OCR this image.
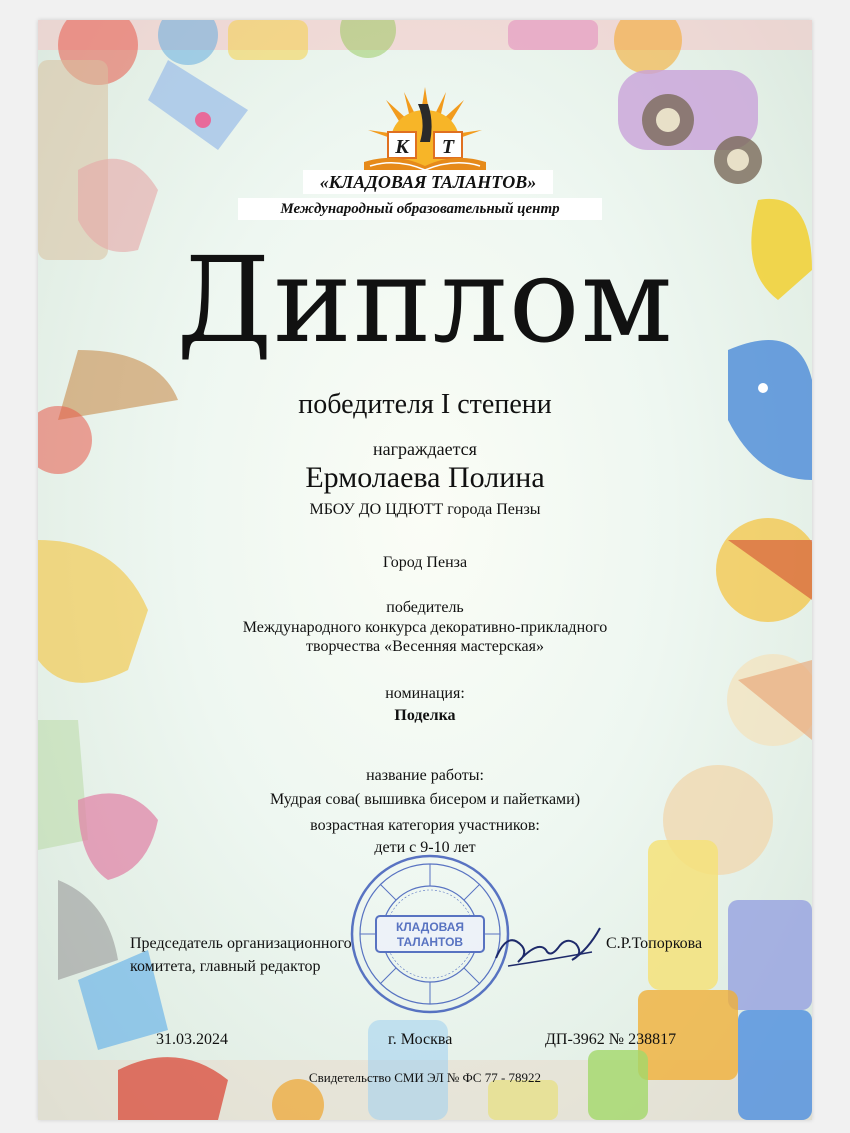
К Т
«КЛАДОВАЯ ТАЛАНТОВ»
Международный образовательный центр
Диплом
победителя I степени
награждается
Ермолаева Полина
МБОУ ДО ЦДЮТТ города Пензы
Город Пенза
победитель
Международного конкурса декоративно-прикладного
творчества «Весенняя мастерская»
номинация:
Поделка
название работы:
Мудрая сова( вышивка бисером и пайетками)
возрастная категория участников:
дети с 9-10 лет
КЛАДОВАЯ
ТАЛАНТОВ
Председатель организационного
комитета, главный редактор
С.Р.Топоркова
31.03.2024	г. Москва	ДП-3962 № 238817
Свидетельство СМИ ЭЛ № ФС 77 - 78922
